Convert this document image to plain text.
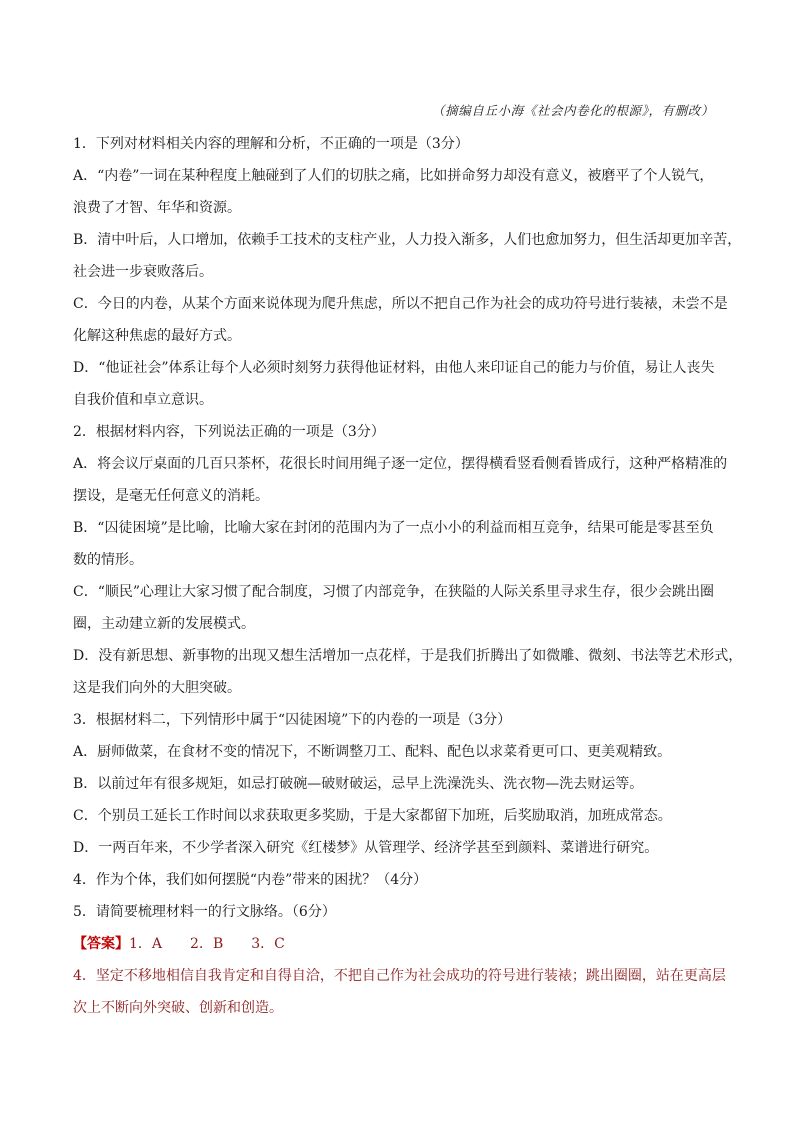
（摘编自丘小海《社会内卷化的根源》，有删改）
1．下列对材料相关内容的理解和分析，不正确的一项是（3分）
A．“内卷”一词在某种程度上触碰到了人们的切肤之痛，比如拼命努力却没有意义，被磨平了个人锐气，
浪费了才智、年华和资源。
B．清中叶后，人口增加，依赖手工技术的支柱产业，人力投入渐多，人们也愈加努力，但生活却更加辛苦，
社会进一步衰败落后。
C．今日的内卷，从某个方面来说体现为爬升焦虑，所以不把自己作为社会的成功符号进行装裱，未尝不是
化解这种焦虑的最好方式。
D．“他证社会”体系让每个人必须时刻努力获得他证材料，由他人来印证自己的能力与价值，易让人丧失
自我价值和卓立意识。
2．根据材料内容，下列说法正确的一项是（3分）
A．将会议厅桌面的几百只茶杯，花很长时间用绳子逐一定位，摆得横看竖看侧看皆成行，这种严格精准的
摆设，是毫无任何意义的消耗。
B．“囚徒困境”是比喻，比喻大家在封闭的范围内为了一点小小的利益而相互竞争，结果可能是零甚至负
数的情形。
C．“顺民”心理让大家习惯了配合制度，习惯了内部竞争，在狭隘的人际关系里寻求生存，很少会跳出圈
圈，主动建立新的发展模式。
D．没有新思想、新事物的出现又想生活增加一点花样，于是我们折腾出了如微雕、微刻、书法等艺术形式，
这是我们向外的大胆突破。
3．根据材料二，下列情形中属于“囚徒困境”下的内卷的一项是（3分）
A．厨师做菜，在食材不变的情况下，不断调整刀工、配料、配色以求菜肴更可口、更美观精致。
B．以前过年有很多规矩，如忌打破碗—破财破运，忌早上洗澡洗头、洗衣物—洗去财运等。
C．个别员工延长工作时间以求获取更多奖励，于是大家都留下加班，后奖励取消，加班成常态。
D．一两百年来，不少学者深入研究《红楼梦》从管理学、经济学甚至到颜料、菜谱进行研究。
4．作为个体，我们如何摆脱“内卷”带来的困扰？（4分）
5．请简要梳理材料一的行文脉络。（6分）
【答案】1．A 2．B 3．C
4．坚定不移地相信自我肯定和自得自洽，不把自己作为社会成功的符号进行装裱；跳出圈圈，站在更高层
次上不断向外突破、创新和创造。
